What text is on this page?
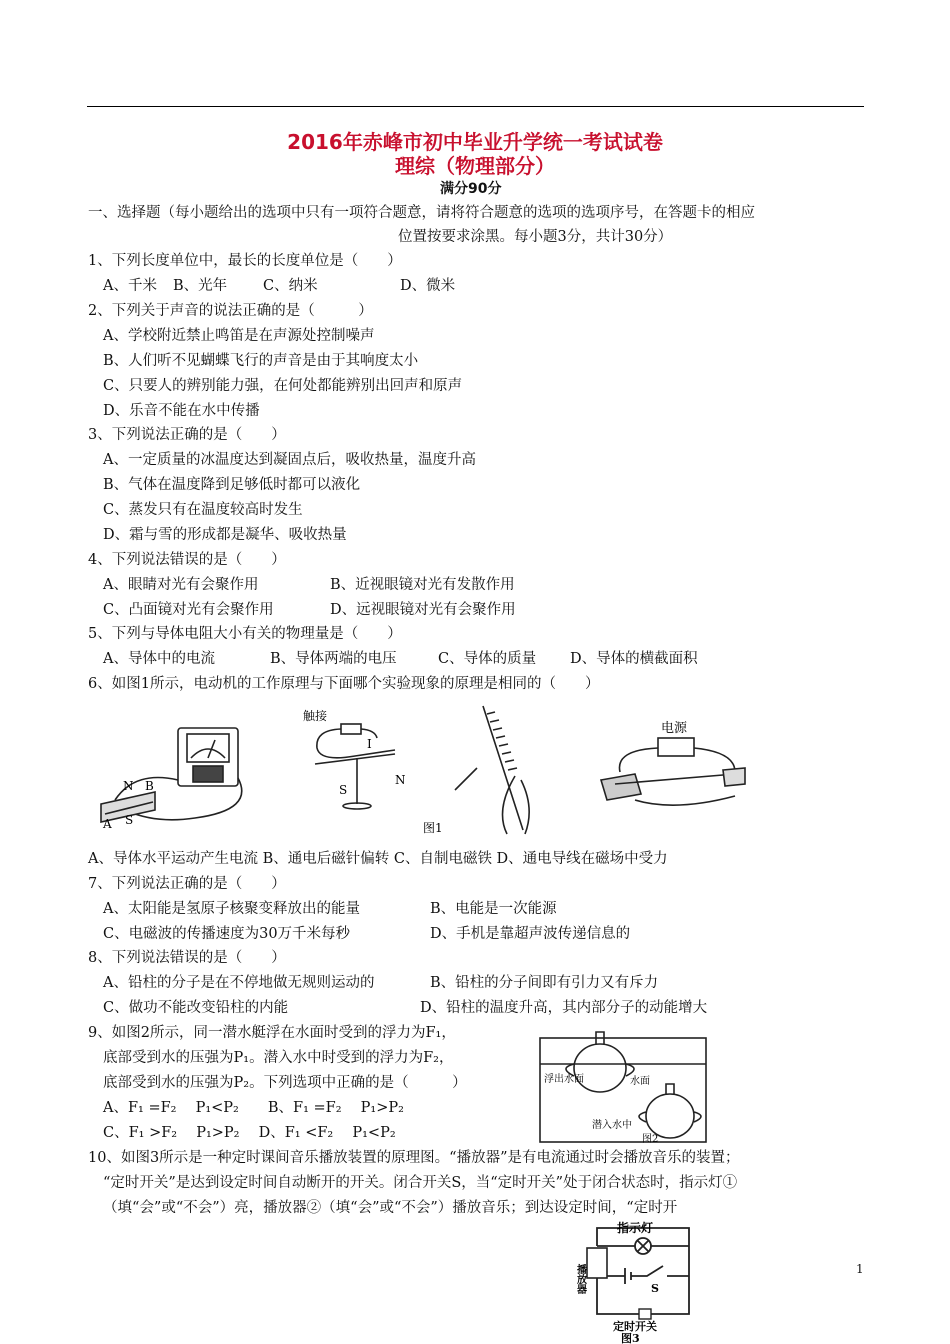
2016年赤峰市初中毕业升学统一考试试卷
理综（物理部分）
满分90分
一、选择题（每小题给出的选项中只有一项符合题意，请将符合题意的选项的选项序号，在答题卡的相应
位置按要求涂黑。每小题3分，共计30分）
1、下列长度单位中，最长的长度单位是（　　）
A、千米 B、光年 C、纳米	D、微米
2、下列关于声音的说法正确的是（　　　）
A、学校附近禁止鸣笛是在声源处控制噪声
B、人们听不见蝴蝶飞行的声音是由于其响度太小
C、只要人的辨别能力强，在何处都能辨别出回声和原声
D、乐音不能在水中传播
3、下列说法正确的是（　　）
A、一定质量的冰温度达到凝固点后，吸收热量，温度升高
B、气体在温度降到足够低时都可以液化
C、蒸发只有在温度较高时发生
D、霜与雪的形成都是凝华、吸收热量
4、下列说法错误的是（　　）
A、眼睛对光有会聚作用	B、近视眼镜对光有发散作用
C、凸面镜对光有会聚作用	D、远视眼镜对光有会聚作用
5、下列与导体电阻大小有关的物理量是（　　）
A、导体中的电流	B、导体两端的电压	C、导体的质量 D、导体的横截面积
6、如图1所示，电动机的工作原理与下面哪个实验现象的原理是相同的（　　）
N B
A S
触接
I
S
N
图1
电源
A、导体水平运动产生电流 B、通电后磁针偏转 C、自制电磁铁 D、通电导线在磁场中受力
7、下列说法正确的是（　　）
A、太阳能是氢原子核聚变释放出的能量	B、电能是一次能源
C、电磁波的传播速度为30万千米每秒	D、手机是靠超声波传递信息的
8、下列说法错误的是（　　）
A、铅柱的分子是在不停地做无规则运动的	B、铅柱的分子间即有引力又有斥力
C、做功不能改变铅柱的内能	D、铅柱的温度升高，其内部分子的动能增大
9、如图2所示，同一潜水艇浮在水面时受到的浮力为F₁，
底部受到水的压强为P₁。潜入水中时受到的浮力为F₂，
底部受到水的压强为P₂。下列选项中正确的是（　　　）
A、F₁ =F₂　 P₁<P₂　　B、F₁ =F₂　 P₁>P₂
C、F₁ >F₂　 P₁>P₂　 D、F₁ <F₂　 P₁<P₂
浮出水面	水面
潜入水中
图2
10、如图3所示是一种定时课间音乐播放装置的原理图。“播放器”是有电流通过时会播放音乐的装置；
“定时开关”是达到设定时间自动断开的开关。闭合开关S，当“定时开关”处于闭合状态时，指示灯①
（填“会”或“不会”）亮，播放器②（填“会”或“不会”）播放音乐；到达设定时间，“定时开
指示灯
播放器	S
定时开关
图3
1
